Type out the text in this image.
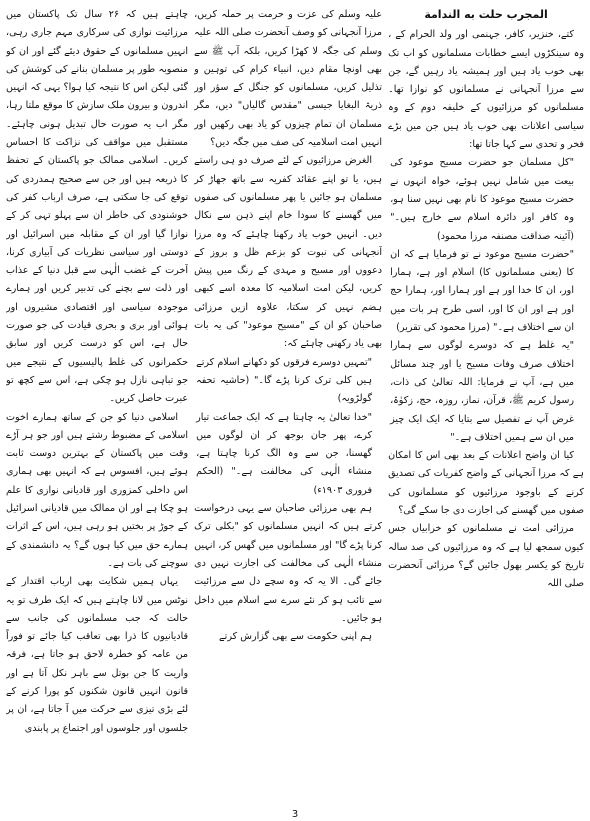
المجرب حلت به الندامة

کتے، خنزیر، کافر، جہنمی اور ولد الحرام کے ، وہ سینکڑوں ایسے خطابات مسلمانوں کو اب تک بھی خوب یاد ہیں اور ہمیشہ یاد رہیں گے، جن سے مرزا آنجہانی نے مسلمانوں کو نوازا تھا۔ مسلمانوں کو مرزائیوں کے خلیفہ دوم کے وہ سیاسی اعلانات بھی خوب یاد ہیں جن میں بڑے فخر و تحدی سے کہا جاتا تھا:

"کل مسلمان جو حضرت مسیح موعود کی بیعت میں شامل نہیں ہوئے، خواہ انہوں نے حضرت مسیح موعود کا نام بھی نہیں سنا ہو، وہ کافر اور دائرہ اسلام سے خارج ہیں۔" (آئینہ صداقت مصنفہ مرزا محمود)

"حضرت مسیح موعود نے تو فرمایا ہے کہ ان کا (یعنی مسلمانوں کا) اسلام اور ہے، ہمارا اور، ان کا خدا اور ہے اور ہمارا اور، ہمارا حج اور ہے اور ان کا اور، اسی طرح ہر بات میں ان سے اختلاف ہے۔" (مرزا محمود کی تقریر)

"یہ غلط ہے کہ دوسرے لوگوں سے ہمارا اختلاف صرف وفات مسیح یا اور چند مسائل میں ہے، آپ نے فرمایا: اللہ تعالیٰ کی ذات، رسول کریم ﷺ، قرآن، نماز، روزہ، حج، زکوٰۃ، غرض آپ نے تفصیل سے بتایا کہ ایک ایک چیز میں ان سے ہمیں اختلاف ہے۔"

کیا ان واضح اعلانات کے بعد بھی اس کا امکان ہے کہ مرزا آنجہانی کے واضح کفریات کی تصدیق کرنے کے باوجود مرزائیوں کو مسلمانوں کی صفوں میں گھسنے کی اجازت دی جا سکے گی؟

مرزائی امت نے مسلمانوں کو خرابیاں جس کیوں سمجھ لیا ہے کہ وہ مرزائیوں کی صد سالہ تاریخ کو یکسر بھول جائیں گے؟ مرزائی آنحضرت صلی اللہ

علیہ وسلم کی عزت و حرمت پر حملہ کریں، مرزا آنجہانی کو وصف آنحضرت صلی اللہ علیہ وسلم کی جگہ لا کھڑا کریں، بلکہ آپ ﷺ سے بھی اونچا مقام دیں، انبیاء کرام کی توہین و تذلیل کریں، مسلمانوں کو جنگل کے سؤر اور ذریۃ البغایا جیسی "مقدس گالیاں" دیں، مگر مسلمان ان تمام چیزوں کو یاد بھی رکھیں اور انہیں امت اسلامیہ کی صف میں جگہ دیں؟

الغرض مرزائیوں کے لئے صرف دو ہی راستے ہیں، یا تو اپنے عقائد کفریہ سے باتھ جھاڑ کر مسلمان ہو جائیں یا پھر مسلمانوں کی صفوں میں گھسنے کا سودا خام اپنے ذہن سے نکال دیں۔ انہیں خوب یاد رکھنا چاہئے کہ وہ مرزا آنجہانی کی نبوت کو بزعم ظل و بروز کے دعووں اور مسیح و مہدی کے رنگ میں پیش کریں، لیکن امت اسلامیہ کا معدہ اسے کبھی ہضم نہیں کر سکتا، علاوہ ازیں مرزائی صاحبان کو ان کے "مسیح موعود" کی یہ بات بھی یاد رکھنی چاہئے کہ:

"تمہیں دوسرے فرقوں کو دکھانے اسلام کرتے ہیں کلی ترک کرنا پڑے گا۔" (حاشیہ تحفہ گولڑویہ)

"خدا تعالیٰ یہ چاہتا ہے کہ ایک جماعت تیار کرے، پھر جان بوجھ کر ان لوگوں میں گھسنا، جن سے وہ الگ کرنا چاہتا ہے، منشاء الٰہی کی مخالفت ہے۔" (الحکم فروری ۱۹۰۳ء)

ہم بھی مرزائی صاحبان سے یہی درخواست کرتے ہیں کہ انہیں مسلمانوں کو "بکلی ترک کرنا پڑے گا" اور مسلمانوں میں گھس کر، انہیں منشاء الٰہی کی مخالفت کی اجازت نہیں دی جائے گی۔ الا یہ کہ وہ سچے دل سے مرزائیت سے تائب ہو کر نئے سرے سے اسلام میں داخل ہو جائیں۔

ہم اپنی حکومت سے بھی گزارش کرتے

چاہتے ہیں کہ ۲۶ سال تک پاکستان میں مرزائیت نوازی کی سرکاری مہم جاری رہی، انہیں مسلمانوں کے حقوق دیئے گئے اور ان کو منصوبہ طور پر مسلمان بنانے کی کوشش کی گئی لیکن اس کا نتیجہ کیا ہوا؟ یہی کہ انہیں اندرون و بیرون ملک سازش کا موقع ملتا رہا، مگر اب یہ صورت حال تبدیل ہونی چاہئے۔ مستقبل میں مواقف کی نزاکت کا احساس کریں۔ اسلامی ممالک جو پاکستان کے تحفظ کا ذریعہ ہیں اور جن سے صحیح ہمدردی کی توقع کی جا سکتی ہے، صرف ارباب کفر کی خوشنودی کی خاطر ان سے پہلو تہی کر کے نوازا گیا اور ان کے مقابلہ میں اسرائیل اور دوستی اور سیاسی نظریات کی آبیاری کرنا، آخرت کے غضب الٰہی سے قبل دنیا کے عذاب اور ذلت سے بچنے کی تدبیر کریں اور ہمارے موجودہ سیاسی اور اقتصادی مشیروں اور ہوائی اور بری و بحری قیادت کی جو صورت حال ہے، اس کو درست کریں اور سابق حکمرانوں کی غلط پالیسیوں کے نتیجے میں جو تباہی نازل ہو چکی ہے، اس سے کچھ تو عبرت حاصل کریں۔

اسلامی دنیا کو جن کے ساتھ ہمارے اخوت اسلامی کے مضبوط رشتے ہیں اور جو ہر آڑے وقت میں پاکستان کے بہترین دوست ثابت ہوئے ہیں، افسوس ہے کہ انہیں بھی ہماری اس داخلی کمزوری اور قادیانی نوازی کا علم ہو چکا ہے اور ان ممالک میں قادیانی اسرائیل کے جوڑ پر بختیں ہو رہی ہیں، اس کے اثرات ہمارے حق میں کیا ہوں گے؟ یہ دانشمندی کے سوچنے کی بات ہے۔

یہاں ہمیں شکایت بھی ارباب اقتدار کے نوٹس میں لانا چاہتے ہیں کہ ایک طرف تو یہ حالت کہ جب مسلمانوں کی جانب سے قادیانیوں کا ذرا بھی تعاقب کیا جائے تو فوراً من عامہ کو خطرہ لاحق ہو جاتا ہے، فرقہ واریت کا جن بوتل سے باہر نکل آتا ہے اور قانون انہیں قانون شکنوں کو پورا کرنے کے لئے بڑی تیزی سے حرکت میں آ جاتا ہے، ان پر جلسوں اور جلوسوں اور اجتماع پر پابندی

3
